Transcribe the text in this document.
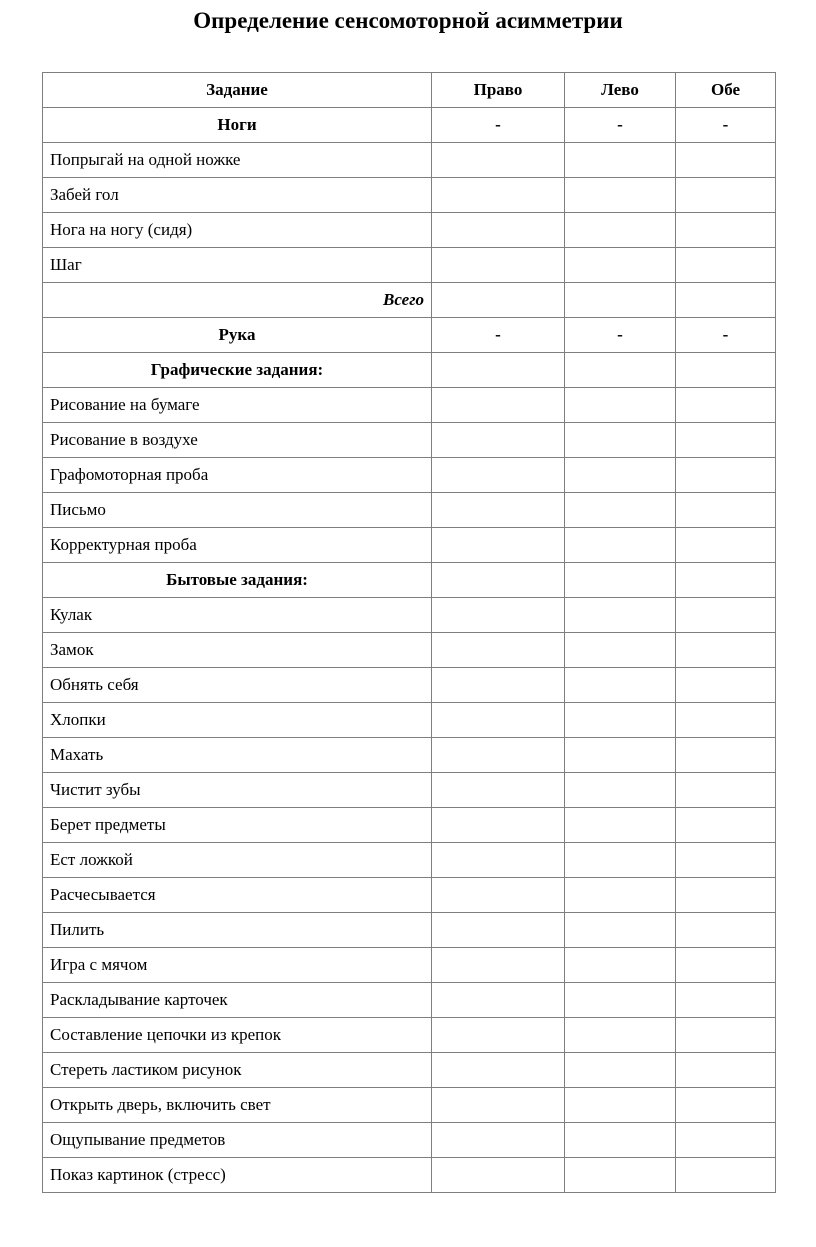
Определение сенсомоторной асимметрии
Задание	Право	Лево	Обе
Ноги	-	-	-
Попрыгай на одной ножке			
Забей гол			
Нога на ногу (сидя)			
Шаг			
Всего			
Рука	-	-	-
Графические задания:			
Рисование на бумаге			
Рисование в воздухе			
Графомоторная проба			
Письмо			
Корректурная проба			
Бытовые задания:			
Кулак			
Замок			
Обнять себя			
Хлопки			
Махать			
Чистит зубы			
Берет предметы			
Ест ложкой			
Расчесывается			
Пилить			
Игра с мячом			
Раскладывание карточек			
Составление цепочки из крепок			
Стереть ластиком рисунок			
Открыть дверь, включить свет			
Ощупывание предметов			
Показ картинок (стресс)			
